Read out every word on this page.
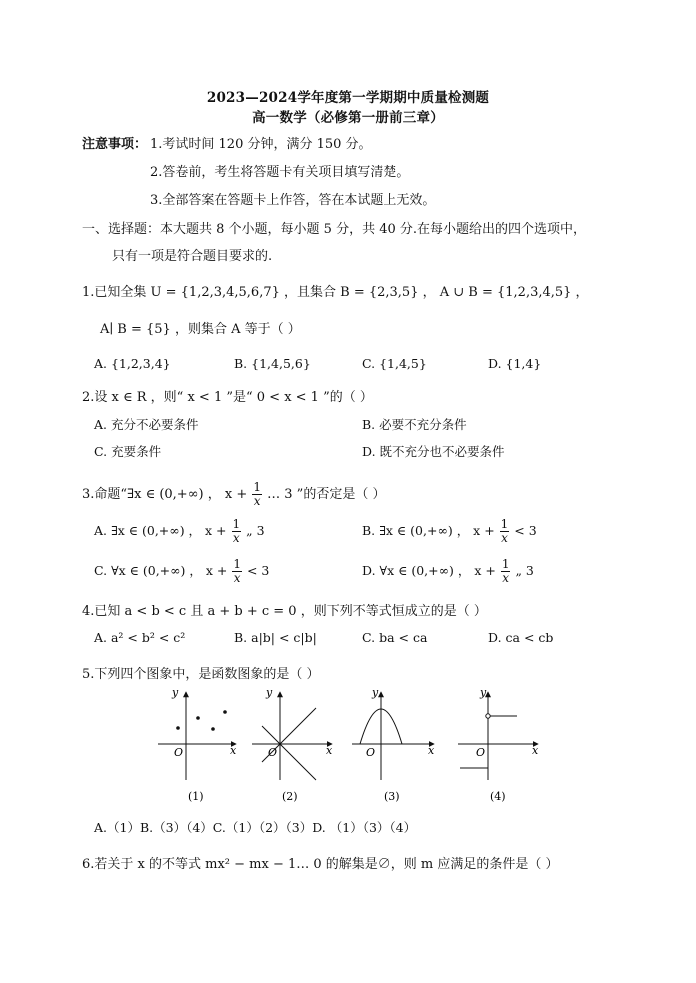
2023—2024学年度第一学期期中质量检测题
高一数学（必修第一册前三章）
注意事项： 1.考试时间 120 分钟，满分 150 分。
2.答卷前，考生将答题卡有关项目填写清楚。
3.全部答案在答题卡上作答，答在本试题上无效。
一、选择题：本大题共 8 个小题，每小题 5 分，共 40 分.在每小题给出的四个选项中，
只有一项是符合题目要求的.
1.已知全集 U = {1,2,3,4,5,6,7} ，且集合 B = {2,3,5} ， A ∪ B = {1,2,3,4,5} ，
A∣ B = {5} ，则集合 A 等于（ ）
A. {1,2,3,4}	B. {1,4,5,6}	C. {1,4,5}	D. {1,4}
2.设 x ∈ R ，则“ x < 1 ”是“ 0 < x < 1 ”的（ ）
A. 充分不必要条件	B. 必要不充分条件
C. 充要条件	D. 既不充分也不必要条件
3.命题“∃x ∈ (0,+∞) ， $x + \frac{1}{x}$ … 3 ”的否定是（ ）
A. ∃x ∈ (0,+∞) ， $x + \frac{1}{x}$ „ 3	B. ∃x ∈ (0,+∞) ， $x + \frac{1}{x} < 3$
C. ∀x ∈ (0,+∞) ， $x + \frac{1}{x} < 3$	D. ∀x ∈ (0,+∞) ， $x + \frac{1}{x}$ „ 3
4.已知 a < b < c 且 a + b + c = 0 ，则下列不等式恒成立的是（ ）
A. a² < b² < c²	B. a|b| < c|b|	C. ba < ca	D. ca < cb
5.下列四个图象中，是函数图象的是（ ）
y
x
O
(1)
y
x
O
(2)
y
x
O
(3)
y
x
O
(4)
A.（1）B.（3）（4）C.（1）（2）（3）D. （1）（3）（4）
6.若关于 x 的不等式 mx² − mx − 1… 0 的解集是∅，则 m 应满足的条件是（ ）
